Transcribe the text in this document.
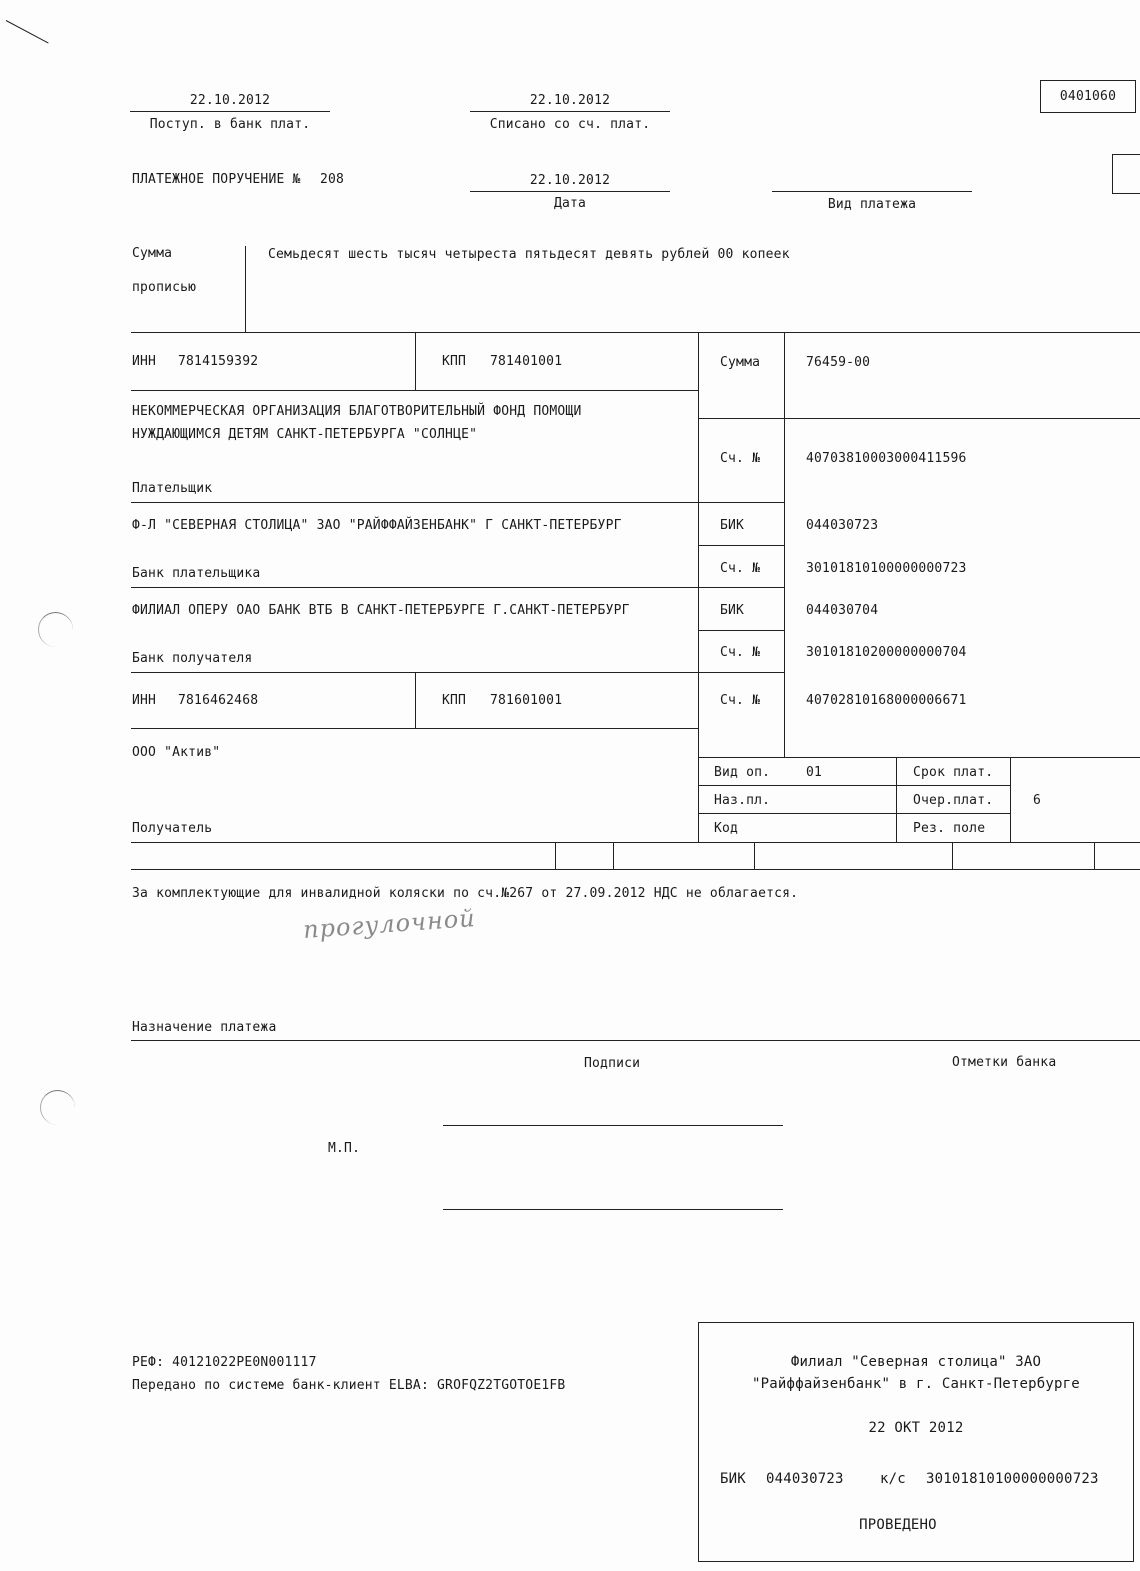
22.10.2012
Поступ. в банк плат.
22.10.2012
Списано со сч. плат.
0401060
ПЛАТЕЖНОЕ ПОРУЧЕНИЕ № 208	22.10.2012
Дата	Вид платежа
Сумма
прописью
Семьдесят шесть тысяч четыреста пятьдесят девять рублей 00 копеек
ИНН 7814159392	КПП 781401001	Сумма	76459-00
НЕКОММЕРЧЕСКАЯ ОРГАНИЗАЦИЯ БЛАГОТВОРИТЕЛЬНЫЙ ФОНД ПОМОЩИ
НУЖДАЮЩИМСЯ ДЕТЯМ САНКТ-ПЕТЕРБУРГА "СОЛНЦЕ"
Сч. №	40703810003000411596
Плательщик
Ф-Л "СЕВЕРНАЯ СТОЛИЦА" ЗАО "РАЙФФАЙЗЕНБАНК" Г САНКТ-ПЕТЕРБУРГ	БИК	044030723
Сч. №	30101810100000000723
Банк плательщика
ФИЛИАЛ ОПЕРУ ОАО БАНК ВТБ В САНКТ-ПЕТЕРБУРГЕ Г.САНКТ-ПЕТЕРБУРГ	БИК	044030704
Сч. №	30101810200000000704
Банк получателя
ИНН 7816462468	КПП 781601001	Сч. №	40702810168000006671
ООО "Актив"
Получатель
Вид оп.	01	Срок плат.
Наз.пл.	Очер.плат.	6
Код	Рез. поле
За комплектующие для инвалидной коляски по сч.№267 от 27.09.2012 НДС не облагается.
прогулочной
Назначение платежа
Подписи	Отметки банка
М.П.
РЕФ: 40121022PE0N001117
Передано по системе банк-клиент ELBA: GROFQZ2TGOTOE1FB
Филиал "Северная столица" ЗАО
"Райффайзенбанк" в г. Санкт-Петербурге
22 ОКТ 2012
БИК 044030723	к/с 30101810100000000723
ПРОВЕДЕНО
